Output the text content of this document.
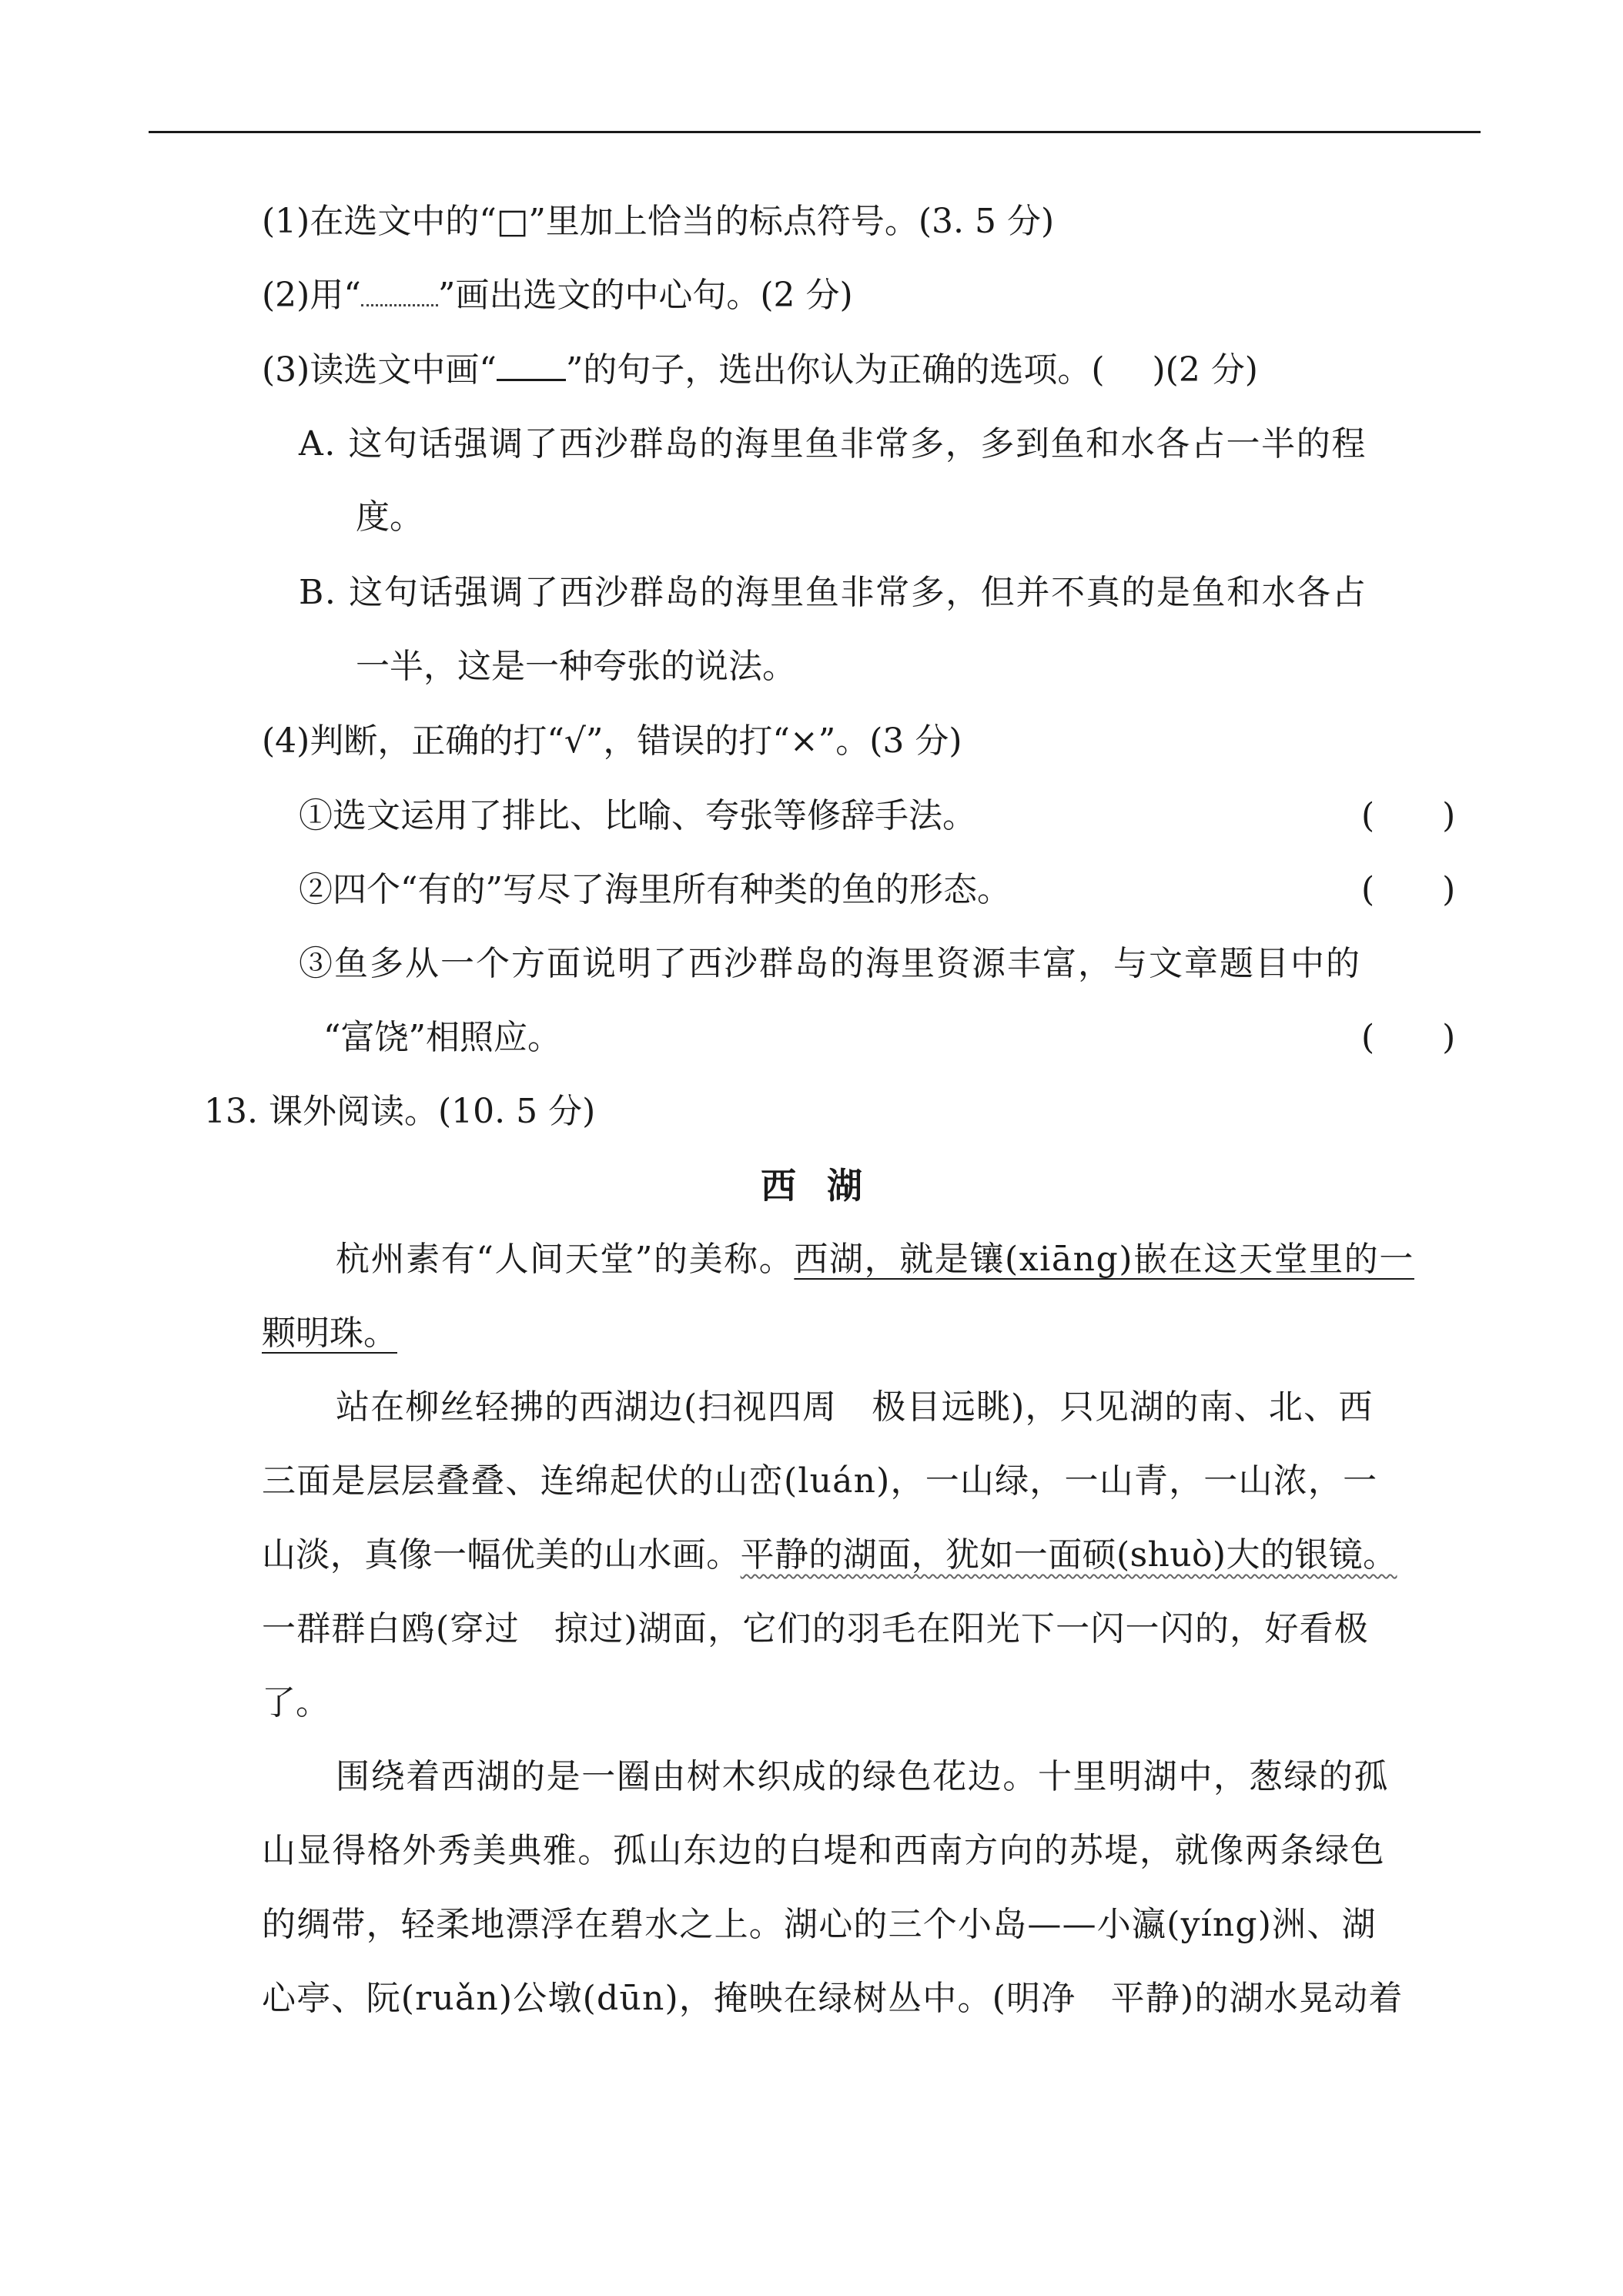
(1)在选文中的“□”里加上恰当的标点符号。(3. 5 分)
(2)用“ ”画出选文的中心句。(2 分)
(3)读选文中画“ ”的句子，选出你认为正确的选项。( )(2 分)
A. 这句话强调了西沙群岛的海里鱼非常多，多到鱼和水各占一半的程
度。
B. 这句话强调了西沙群岛的海里鱼非常多，但并不真的是鱼和水各占
一半，这是一种夸张的说法。
(4)判断，正确的打“√”，错误的打“×”。(3 分)
①选文运用了排比、比喻、夸张等修辞手法。	(　　)
②四个“有的”写尽了海里所有种类的鱼的形态。	(　　)
③鱼多从一个方面说明了西沙群岛的海里资源丰富，与文章题目中的
“富饶”相照应。	(　　)
13. 课外阅读。(10. 5 分)
西湖
杭州素有“人间天堂”的美称。西湖，就是镶(xiāng)嵌在这天堂里的一
颗明珠。
站在柳丝轻拂的西湖边(扫视四周　极目远眺)，只见湖的南、北、西
三面是层层叠叠、连绵起伏的山峦(luán)，一山绿，一山青，一山浓，一
山淡，真像一幅优美的山水画。平静的湖面，犹如一面硕(shuò)大的银镜。
一群群白鸥(穿过　掠过)湖面，它们的羽毛在阳光下一闪一闪的，好看极
了。
围绕着西湖的是一圈由树木织成的绿色花边。十里明湖中，葱绿的孤
山显得格外秀美典雅。孤山东边的白堤和西南方向的苏堤，就像两条绿色
的绸带，轻柔地漂浮在碧水之上。湖心的三个小岛——小瀛(yíng)洲、湖
心亭、阮(ruǎn)公墩(dūn)，掩映在绿树丛中。(明净　平静)的湖水晃动着
